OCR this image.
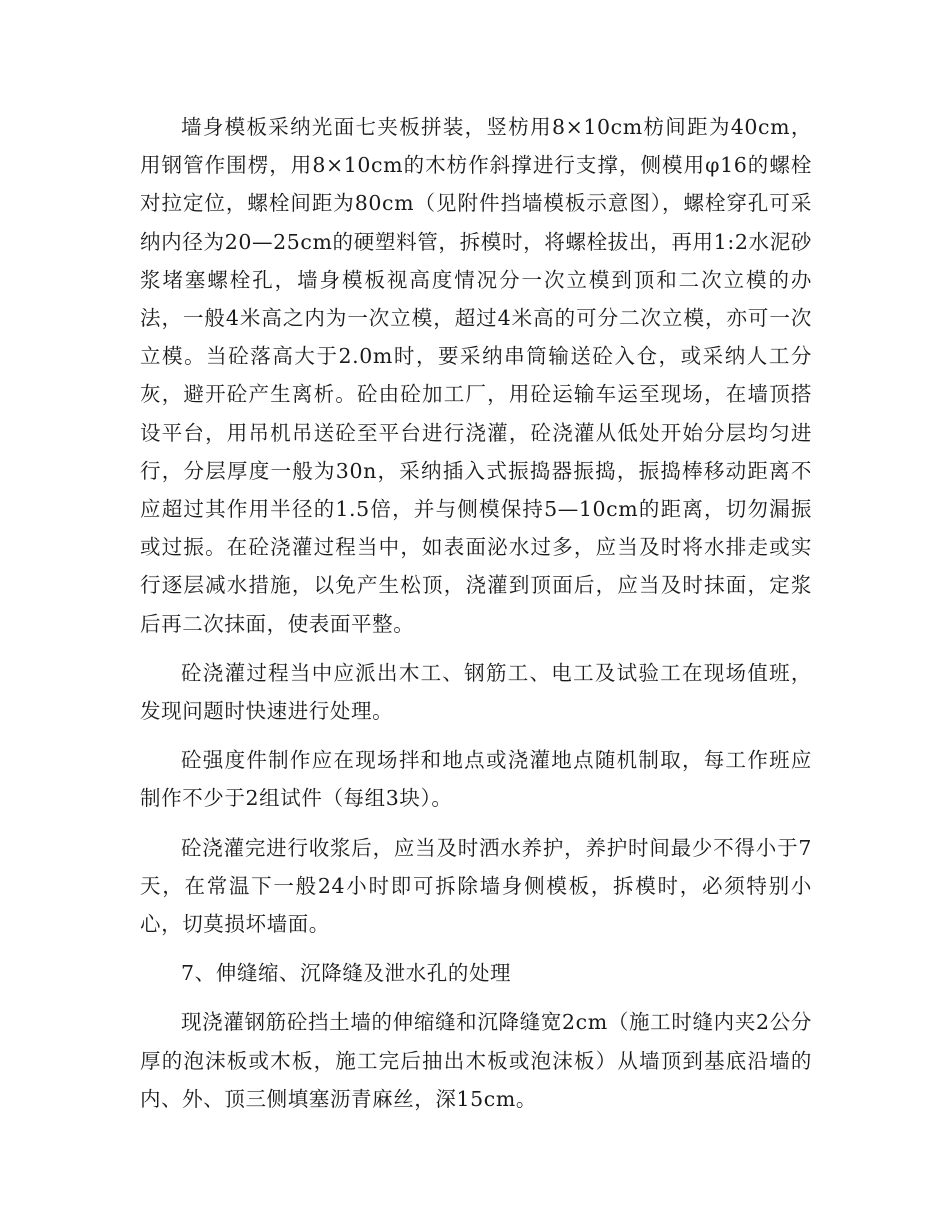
墙身模板采纳光面七夹板拼装，竖枋用8×10cm枋间距为40cm，用钢管作围楞，用8×10cm的木枋作斜撑进行支撑，侧模用φ16的螺栓对拉定位，螺栓间距为80cm（见附件挡墙模板示意图），螺栓穿孔可采纳内径为20—25cm的硬塑料管，拆模时，将螺栓拔出，再用1:2水泥砂浆堵塞螺栓孔，墙身模板视高度情况分一次立模到顶和二次立模的办法，一般4米高之内为一次立模，超过4米高的可分二次立模，亦可一次立模。当砼落高大于2.0m时，要采纳串筒输送砼入仓，或采纳人工分灰，避开砼产生离析。砼由砼加工厂，用砼运输车运至现场，在墙顶搭设平台，用吊机吊送砼至平台进行浇灌，砼浇灌从低处开始分层均匀进行，分层厚度一般为30n，采纳插入式振捣器振捣，振捣棒移动距离不应超过其作用半径的1.5倍，并与侧模保持5—10cm的距离，切勿漏振或过振。在砼浇灌过程当中，如表面泌水过多，应当及时将水排走或实行逐层减水措施，以免产生松顶，浇灌到顶面后，应当及时抹面，定浆后再二次抹面，使表面平整。

砼浇灌过程当中应派出木工、钢筋工、电工及试验工在现场值班，发现问题时快速进行处理。

砼强度件制作应在现场拌和地点或浇灌地点随机制取，每工作班应制作不少于2组试件（每组3块）。

砼浇灌完进行收浆后，应当及时洒水养护，养护时间最少不得小于7天，在常温下一般24小时即可拆除墙身侧模板，拆模时，必须特别小心，切莫损坏墙面。

7、伸缝缩、沉降缝及泄水孔的处理

现浇灌钢筋砼挡土墙的伸缩缝和沉降缝宽2cm（施工时缝内夹2公分厚的泡沫板或木板，施工完后抽出木板或泡沫板）从墙顶到基底沿墙的内、外、顶三侧填塞沥青麻丝，深15cm。
